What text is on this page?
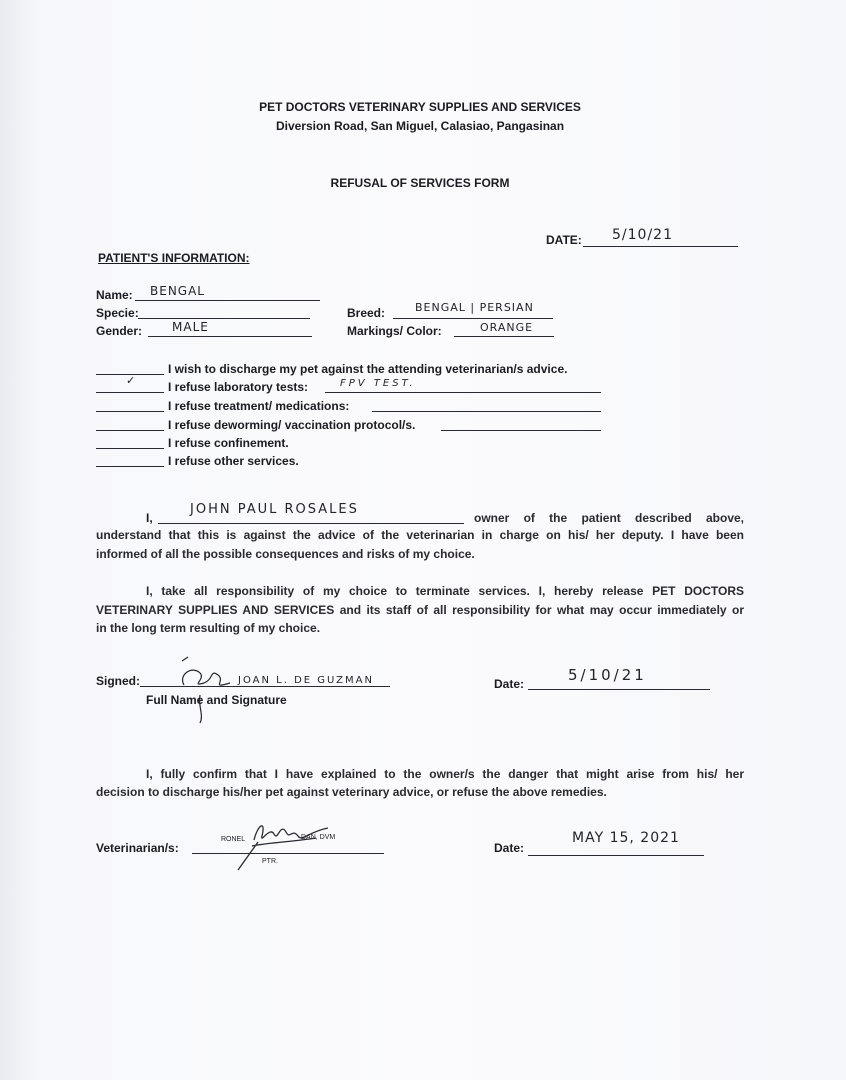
PET DOCTORS VETERINARY SUPPLIES AND SERVICES
Diversion Road, San Miguel, Calasiao, Pangasinan
REFUSAL OF SERVICES FORM
DATE: 5/10/21
PATIENT'S INFORMATION:
Name: BENGAL
Specie:
Gender: MALE
Breed:	BENGAL | PERSIAN
Markings/ Color:	ORANGE
I wish to discharge my pet against the attending veterinarian/s advice.
✓	I refuse laboratory tests:	FPV TEST.
I refuse treatment/ medications:
I refuse deworming/ vaccination protocol/s.
I refuse confinement.
I refuse other services.
I,
JOHN PAUL ROSALES
owner of the patient described above,
understand that this is against the advice of the veterinarian in charge on his/ her deputy. I have been
informed of all the possible consequences and risks of my choice.
I, take all responsibility of my choice to terminate services. I, hereby release PET DOCTORS
VETERINARY SUPPLIES AND SERVICES and its staff of all responsibility for what may occur immediately or
in the long term resulting of my choice.
Signed:	JOAN L. DE GUZMAN
Full Name and Signature
Date:	5/10/21
I, fully confirm that I have explained to the owner/s the danger that might arise from his/ her
decision to discharge his/her pet against veterinary advice, or refuse the above remedies.
Veterinarian/s:
RONEL	DAN, DVM
PTR.
Date:
MAY 15, 2021
